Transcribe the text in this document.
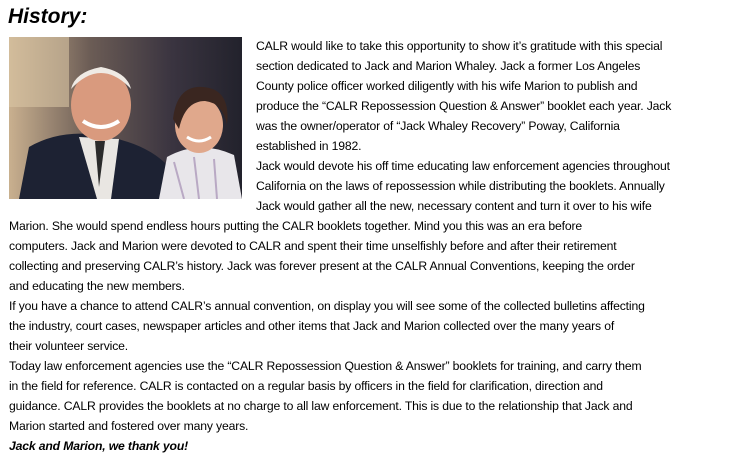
History:
CALR would like to take this opportunity to show it’s gratitude with this special
section dedicated to Jack and Marion Whaley. Jack a former Los Angeles
County police officer worked diligently with his wife Marion to publish and
produce the “CALR Repossession Question & Answer” booklet each year. Jack
was the owner/operator of “Jack Whaley Recovery” Poway, California
established in 1982.
Jack would devote his off time educating law enforcement agencies throughout
California on the laws of repossession while distributing the booklets. Annually
Jack would gather all the new, necessary content and turn it over to his wife
Marion. She would spend endless hours putting the CALR booklets together. Mind you this was an era before
computers. Jack and Marion were devoted to CALR and spent their time unselfishly before and after their retirement
collecting and preserving CALR’s history. Jack was forever present at the CALR Annual Conventions, keeping the order
and educating the new members.
If you have a chance to attend CALR’s annual convention, on display you will see some of the collected bulletins affecting
the industry, court cases, newspaper articles and other items that Jack and Marion collected over the many years of
their volunteer service.
Today law enforcement agencies use the “CALR Repossession Question & Answer” booklets for training, and carry them
in the field for reference. CALR is contacted on a regular basis by officers in the field for clarification, direction and
guidance. CALR provides the booklets at no charge to all law enforcement. This is due to the relationship that Jack and
Marion started and fostered over many years.
Jack and Marion, we thank you!
